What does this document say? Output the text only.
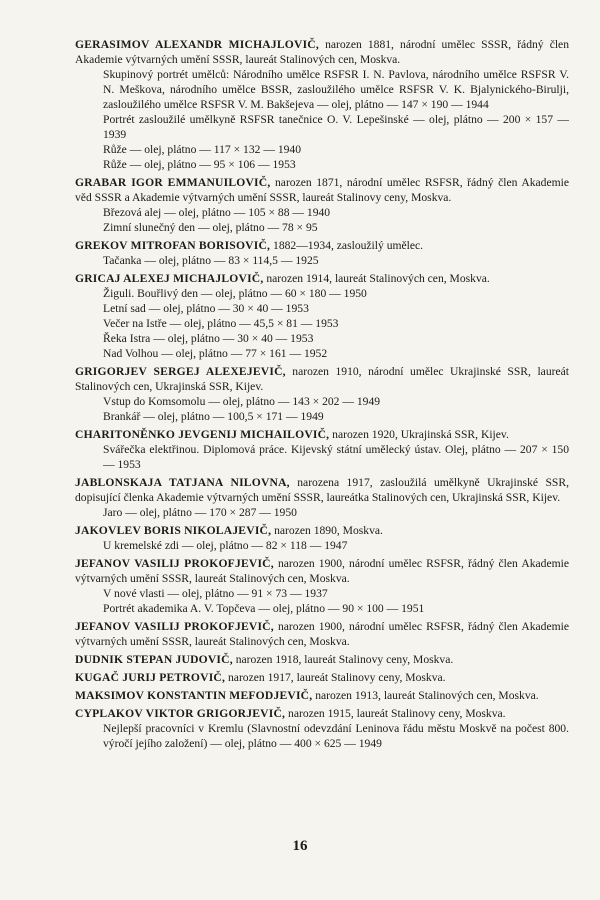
GERASIMOV ALEXANDR MICHAJLOVIČ, narozen 1881, národní umělec SSSR, řádný člen Akademie výtvarných umění SSSR, laureát Stalinových cen, Moskva.

Skupinový portrét umělců: Národního umělce RSFSR I. N. Pavlova, národního umělce RSFSR V. N. Meškova, národního umělce BSSR, zasloužilého umělce RSFSR V. K. Bjalynického-Birulji, zasloužilého umělce RSFSR V. M. Bakšejeva — olej, plátno — 147 × 190 — 1944

Portrét zasloužilé umělkyně RSFSR tanečnice O. V. Lepešinské — olej, plátno — 200 × 157 — 1939

Růže — olej, plátno — 117 × 132 — 1940

Růže — olej, plátno — 95 × 106 — 1953

GRABAR IGOR EMMANUILOVIČ, narozen 1871, národní umělec RSFSR, řádný člen Akademie věd SSSR a Akademie výtvarných umění SSSR, laureát Stalinovy ceny, Moskva.

Březová alej — olej, plátno — 105 × 88 — 1940

Zimní slunečný den — olej, plátno — 78 × 95

GREKOV MITROFAN BORISOVIČ, 1882—1934, zasloužilý umělec.

Tačanka — olej, plátno — 83 × 114,5 — 1925

GRICAJ ALEXEJ MICHAJLOVIČ, narozen 1914, laureát Stalinových cen, Moskva.

Žiguli. Bouřlivý den — olej, plátno — 60 × 180 — 1950

Letní sad — olej, plátno — 30 × 40 — 1953

Večer na Istře — olej, plátno — 45,5 × 81 — 1953

Řeka Istra — olej, plátno — 30 × 40 — 1953

Nad Volhou — olej, plátno — 77 × 161 — 1952

GRIGORJEV SERGEJ ALEXEJEVIČ, narozen 1910, národní umělec Ukrajinské SSR, laureát Stalinových cen, Ukrajinská SSR, Kijev.

Vstup do Komsomolu — olej, plátno — 143 × 202 — 1949

Brankář — olej, plátno — 100,5 × 171 — 1949

CHARITONĚNKO JEVGENIJ MICHAILOVIČ, narozen 1920, Ukrajinská SSR, Kijev.

Svářečka elektřinou. Diplomová práce. Kijevský státní umělecký ústav. Olej, plátno — 207 × 150 — 1953

JABLONSKAJA TATJANA NILOVNA, narozena 1917, zasloužilá umělkyně Ukrajinské SSR, dopisující členka Akademie výtvarných umění SSSR, laureátka Stalinových cen, Ukrajinská SSR, Kijev.

Jaro — olej, plátno — 170 × 287 — 1950

JAKOVLEV BORIS NIKOLAJEVIČ, narozen 1890, Moskva.

U kremelské zdi — olej, plátno — 82 × 118 — 1947

JEFANOV VASILIJ PROKOFJEVIČ, narozen 1900, národní umělec RSFSR, řádný člen Akademie výtvarných umění SSSR, laureát Stalinových cen, Moskva.

V nové vlasti — olej, plátno — 91 × 73 — 1937

Portrét akademika A. V. Topčeva — olej, plátno — 90 × 100 — 1951

JEFANOV VASILIJ PROKOFJEVIČ, narozen 1900, národní umělec RSFSR, řádný člen Akademie výtvarných umění SSSR, laureát Stalinových cen, Moskva.

DUDNIK STEPAN JUDOVIČ, narozen 1918, laureát Stalinovy ceny, Moskva.

KUGAČ JURIJ PETROVIČ, narozen 1917, laureát Stalinovy ceny, Moskva.

MAKSIMOV KONSTANTIN MEFODJEVIČ, narozen 1913, laureát Stalinových cen, Moskva.

CYPLAKOV VIKTOR GRIGORJEVIČ, narozen 1915, laureát Stalinovy ceny, Moskva.

Nejlepší pracovníci v Kremlu (Slavnostní odevzdání Leninova řádu městu Moskvě na počest 800. výročí jejího založení) — olej, plátno — 400 × 625 — 1949

16
